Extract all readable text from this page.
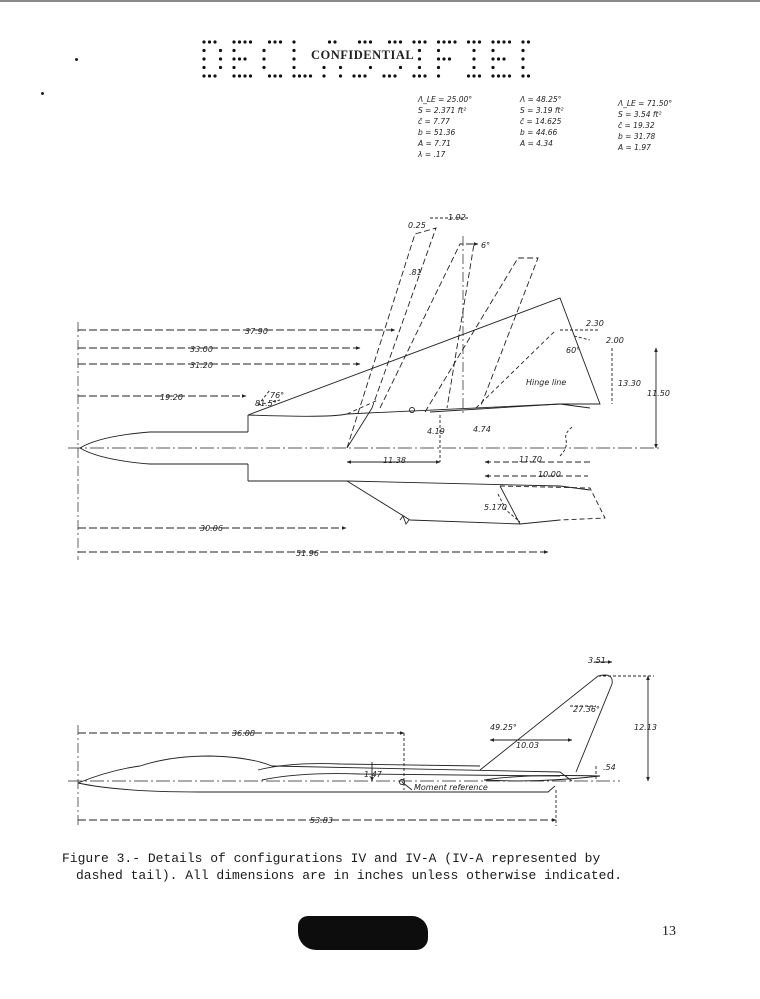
CONFIDENTIAL
Λ_LE = 25.00°
S = 2.371 ft²
c̄ = 7.77
b = 51.36
A = 7.71
λ = .17
Λ = 48.25°
S = 3.19 ft²
c̄ = 14.625
b = 44.66
A = 4.34
Λ_LE = 71.50°
S = 3.54 ft²
c̄ = 19.32
b = 31.78
A = 1.97
0.25
1.92
6°
.81
37.90
33.00
31.20
19.20	76°
81.5°
2.30
60°
2.00
Hinge line	13.30
11.50
4.19	4.74
11.38	11.70
10.00
5.170
30.06
51.96
3.51
36.08
49.25°
27.36°
12.13
10.03
1.47
.54
Moment reference
53.83
Figure 3.- Details of configurations IV and IV-A (IV-A represented by
dashed tail). All dimensions are in inches unless otherwise indicated.
13
